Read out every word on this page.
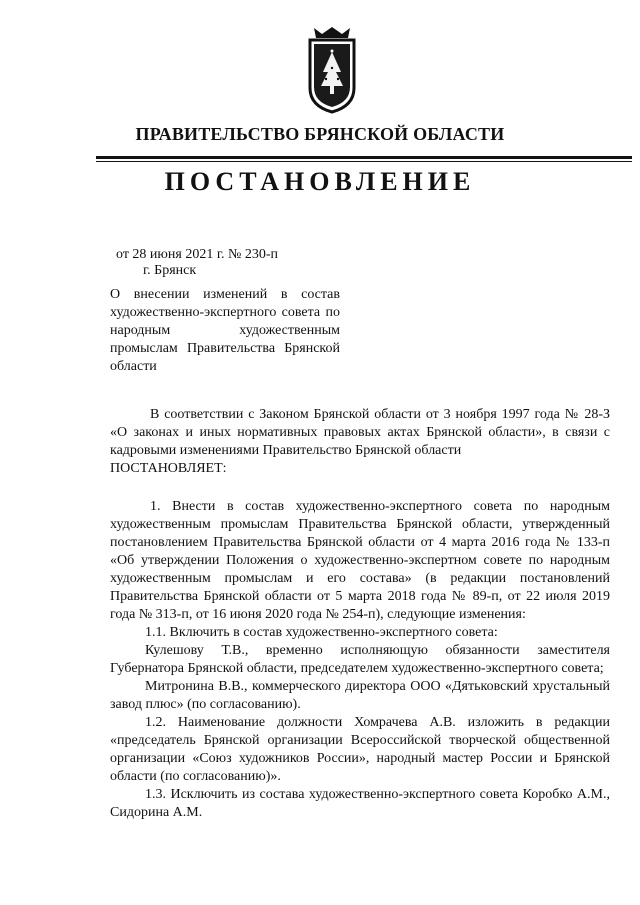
ПРАВИТЕЛЬСТВО БРЯНСКОЙ ОБЛАСТИ
ПОСТАНОВЛЕНИЕ
от 28 июня 2021 г. № 230-п
г. Брянск

О внесении изменений в состав художественно-экспертного совета по народным художественным промыслам Правительства Брянской области

В соответствии с Законом Брянской области от 3 ноября 1997 года № 28-З «О законах и иных нормативных правовых актах Брянской области», в связи с кадровыми изменениями Правительство Брянской области

ПОСТАНОВЛЯЕТ:

1. Внести в состав художественно-экспертного совета по народным художественным промыслам Правительства Брянской области, утвержденный постановлением Правительства Брянской области от 4 марта 2016 года № 133-п «Об утверждении Положения о художественно-экспертном совете по народным художественным промыслам и его состава» (в редакции постановлений Правительства Брянской области от 5 марта 2018 года № 89-п, от 22 июля 2019 года № 313-п, от 16 июня 2020 года № 254-п), следующие изменения:

1.1. Включить в состав художественно-экспертного совета:

Кулешову Т.В., временно исполняющую обязанности заместителя Губернатора Брянской области, председателем художественно-экспертного совета;

Митронина В.В., коммерческого директора ООО «Дятьковский хрустальный завод плюс» (по согласованию).

1.2. Наименование должности Хомрачева А.В. изложить в редакции «председатель Брянской организации Всероссийской творческой общественной организации «Союз художников России», народный мастер России и Брянской области (по согласованию)».

1.3. Исключить из состава художественно-экспертного совета Коробко А.М., Сидорина А.М.
